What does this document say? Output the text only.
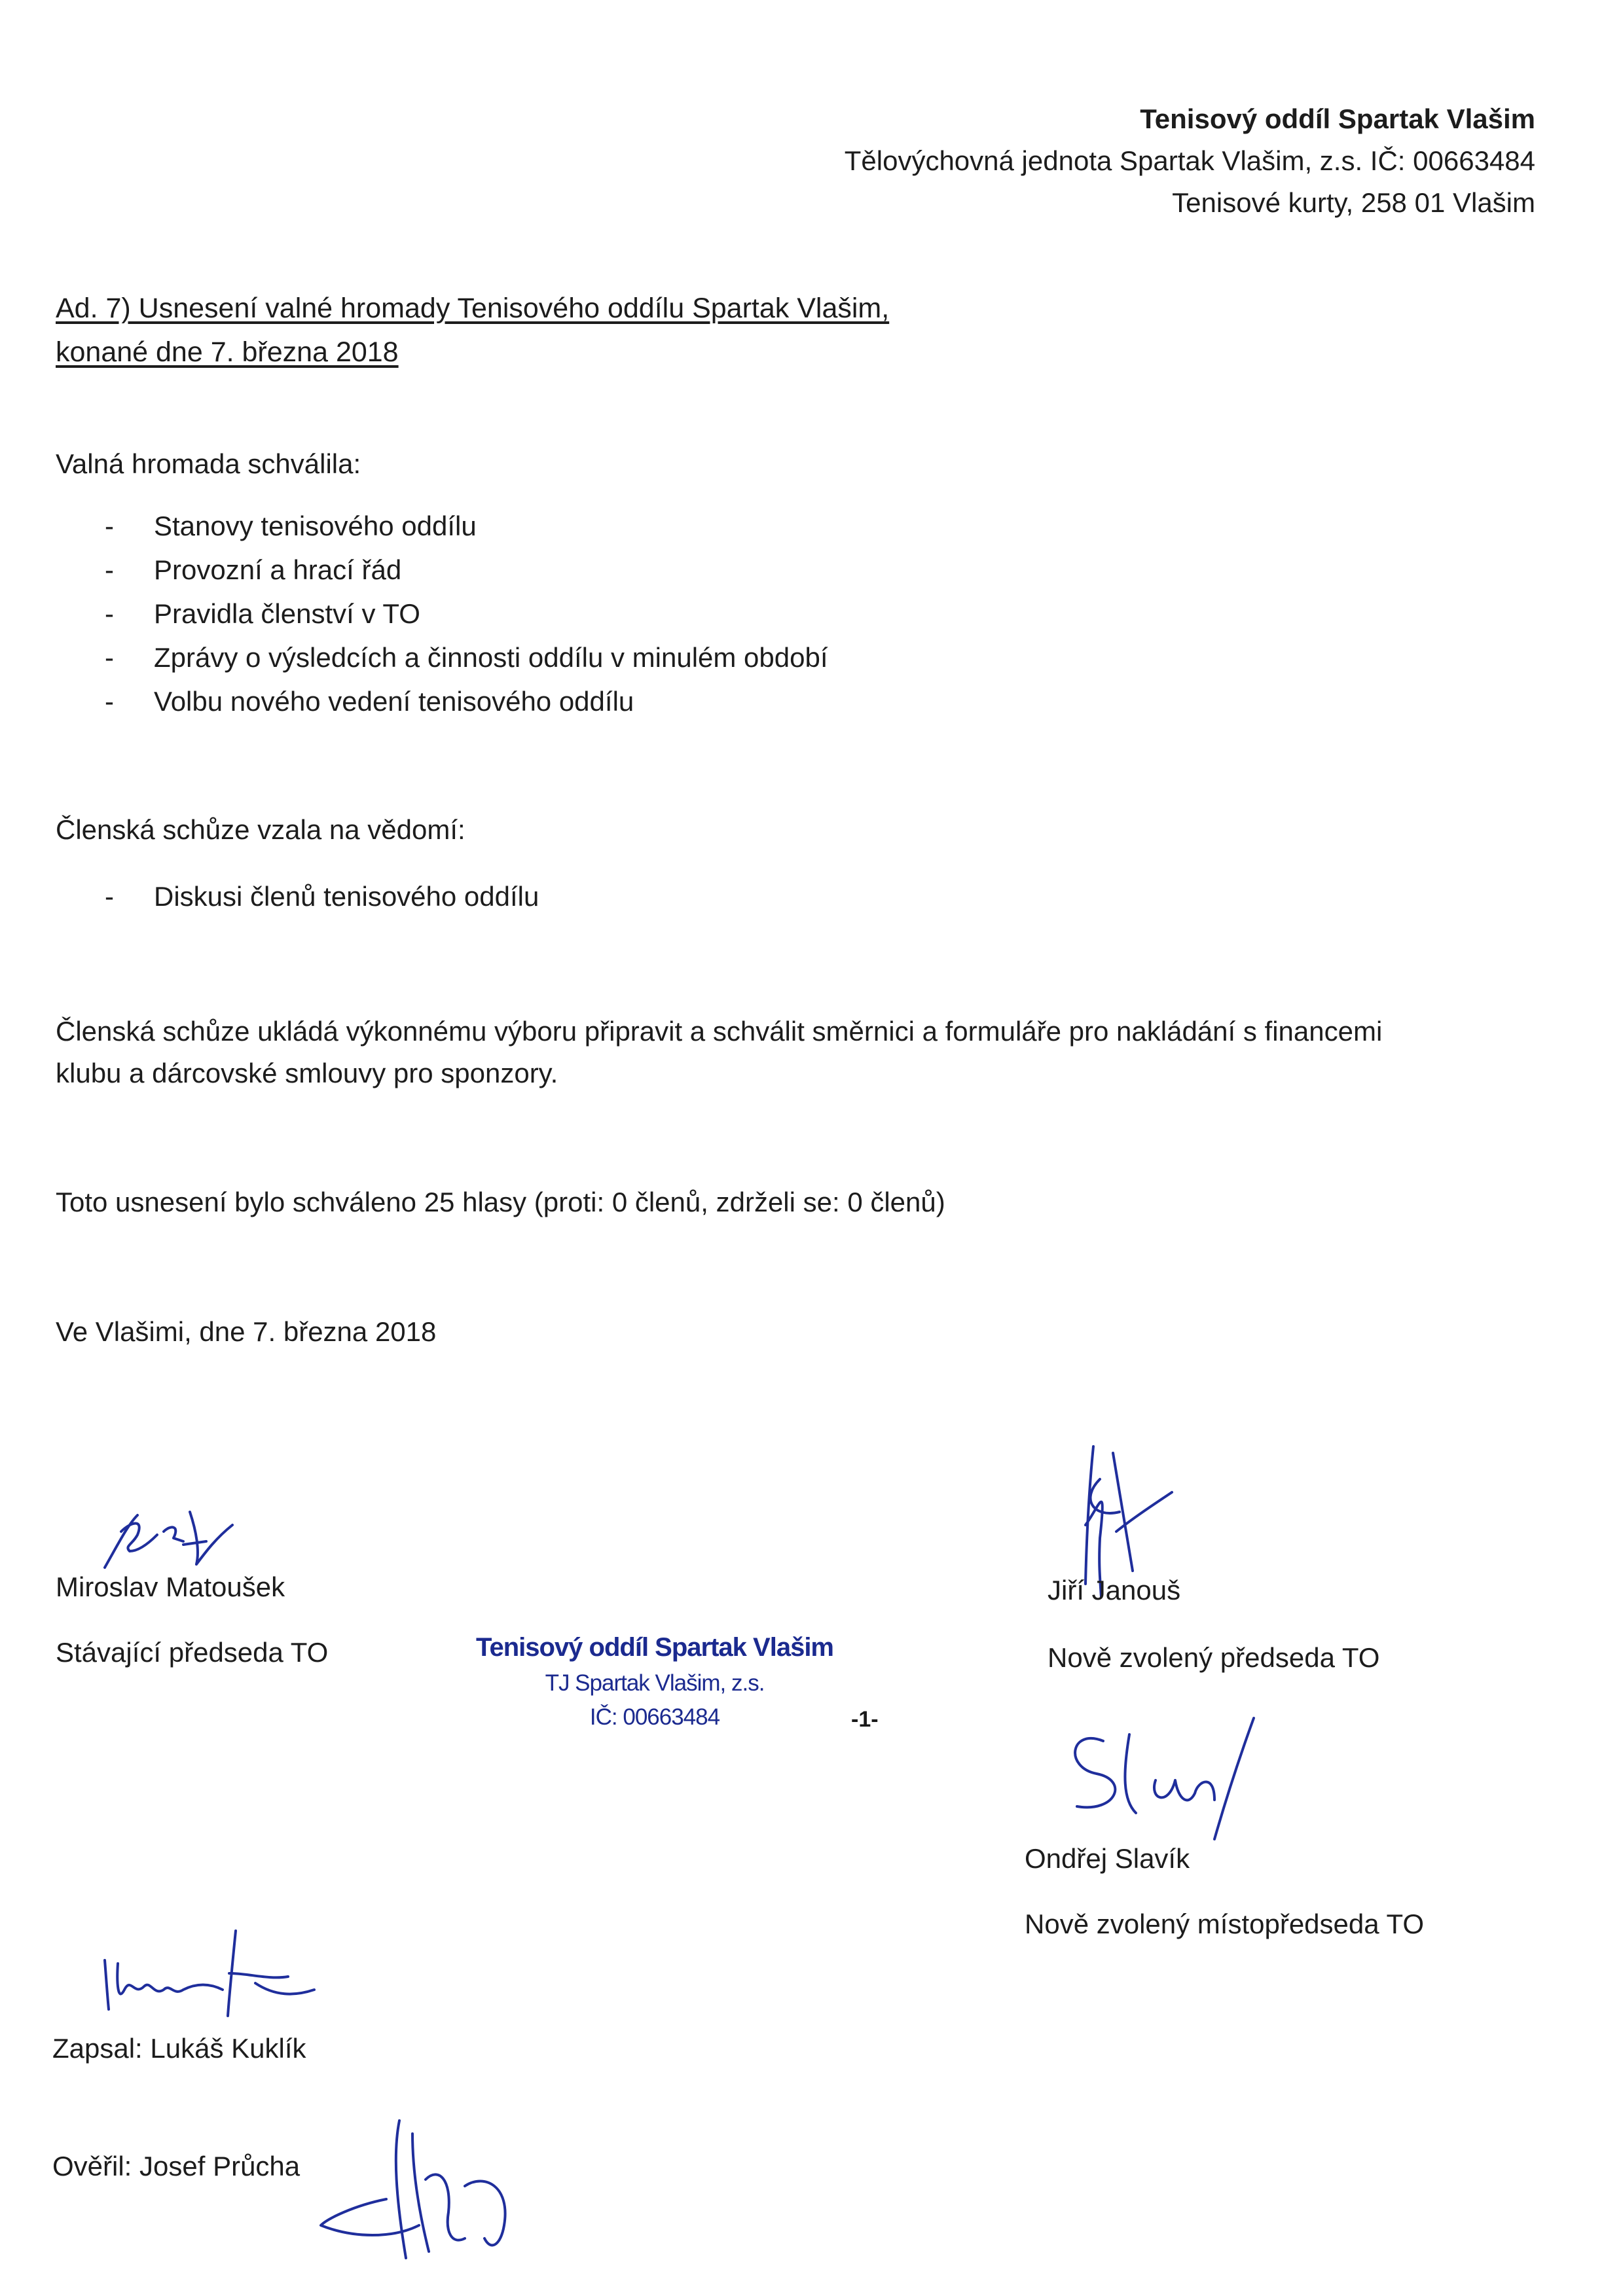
Tenisový oddíl Spartak Vlašim
Tělovýchovná jednota Spartak Vlašim, z.s. IČ: 00663484
Tenisové kurty, 258 01 Vlašim
Ad. 7) Usnesení valné hromady Tenisového oddílu Spartak Vlašim,
konané dne 7. března 2018
Valná hromada schválila:
- Stanovy tenisového oddílu
- Provozní a hrací řád
- Pravidla členství v TO
- Zprávy o výsledcích a činnosti oddílu v minulém období
- Volbu nového vedení tenisového oddílu
Členská schůze vzala na vědomí:
- Diskusi členů tenisového oddílu
Členská schůze ukládá výkonnému výboru připravit a schválit směrnici a formuláře pro nakládání s financemi
klubu a dárcovské smlouvy pro sponzory.
Toto usnesení bylo schváleno 25 hlasy (proti: 0 členů, zdrželi se: 0 členů)
Ve Vlašimi, dne 7. března 2018
Miroslav Matoušek
Stávající předseda TO	Tenisový oddíl Spartak Vlašim
TJ Spartak Vlašim, z.s.
IČ: 00663484	-1-
Jiří Janouš
Nově zvolený předseda TO
Ondřej Slavík
Nově zvolený místopředseda TO
Zapsal: Lukáš Kuklík
Ověřil: Josef Průcha
